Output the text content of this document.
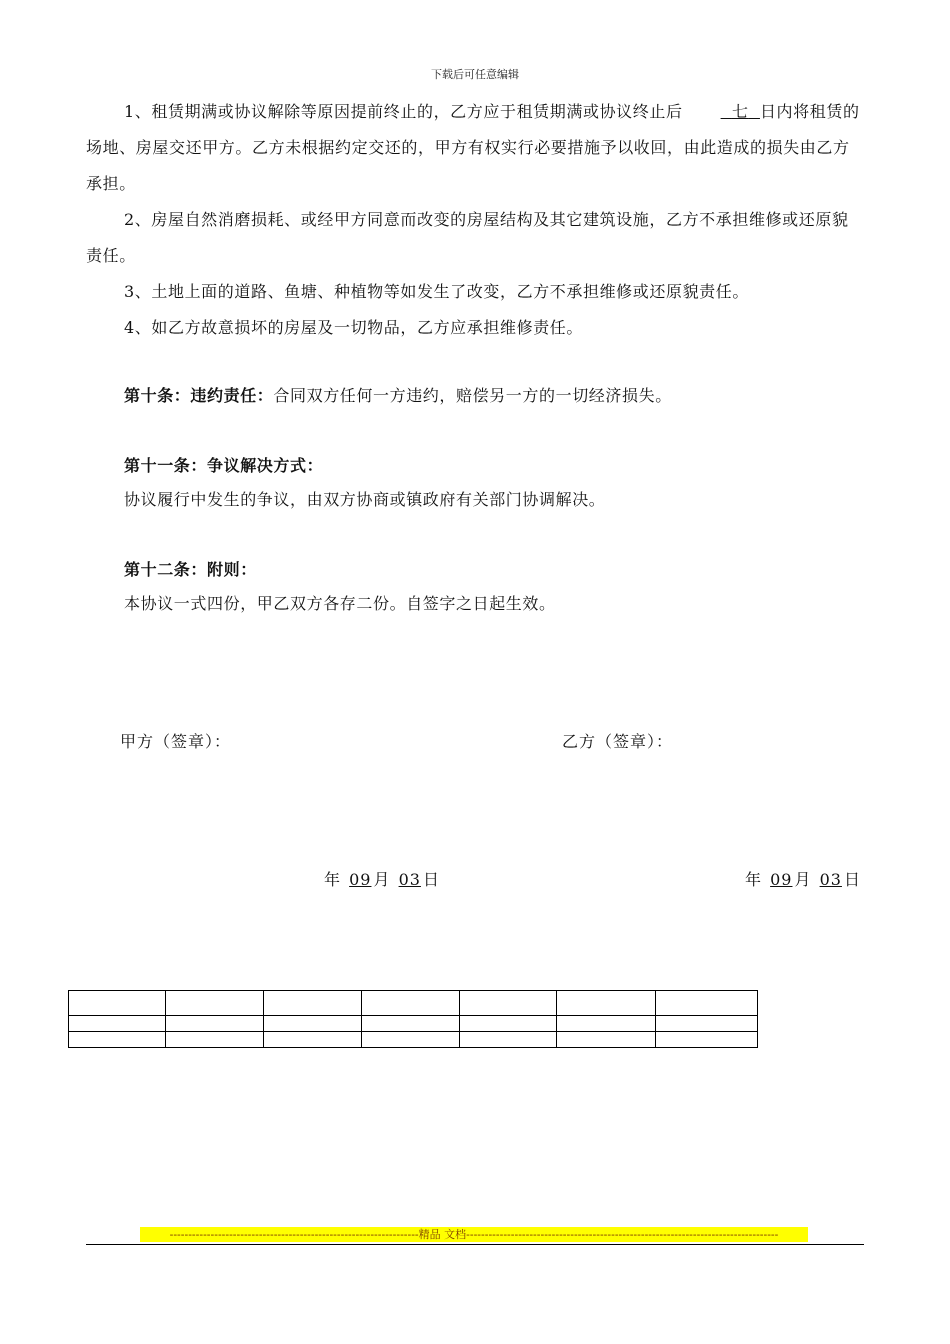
下载后可任意编辑
1、租赁期满或协议解除等原因提前终止的，乙方应于租赁期满或协议终止后	七 日内将租赁的场地、房屋交还甲方。乙方未根据约定交还的，甲方有权实行必要措施予以收回，由此造成的损失由乙方承担。
2、房屋自然消磨损耗、或经甲方同意而改变的房屋结构及其它建筑设施，乙方不承担维修或还原貌责任。
3、土地上面的道路、鱼塘、种植物等如发生了改变，乙方不承担维修或还原貌责任。
4、如乙方故意损坏的房屋及一切物品，乙方应承担维修责任。
第十条：违约责任：合同双方任何一方违约，赔偿另一方的一切经济损失。
第十一条：争议解决方式：
协议履行中发生的争议，由双方协商或镇政府有关部门协调解决。
第十二条：附则：
本协议一式四份，甲乙双方各存二份。自签字之日起生效。
甲方（签章）：	乙方（签章）：
年 09 月 03 日	年 09 月 03 日

-------------------------------------------------------------------精品 文档------------------------------------------------------------------------------------
